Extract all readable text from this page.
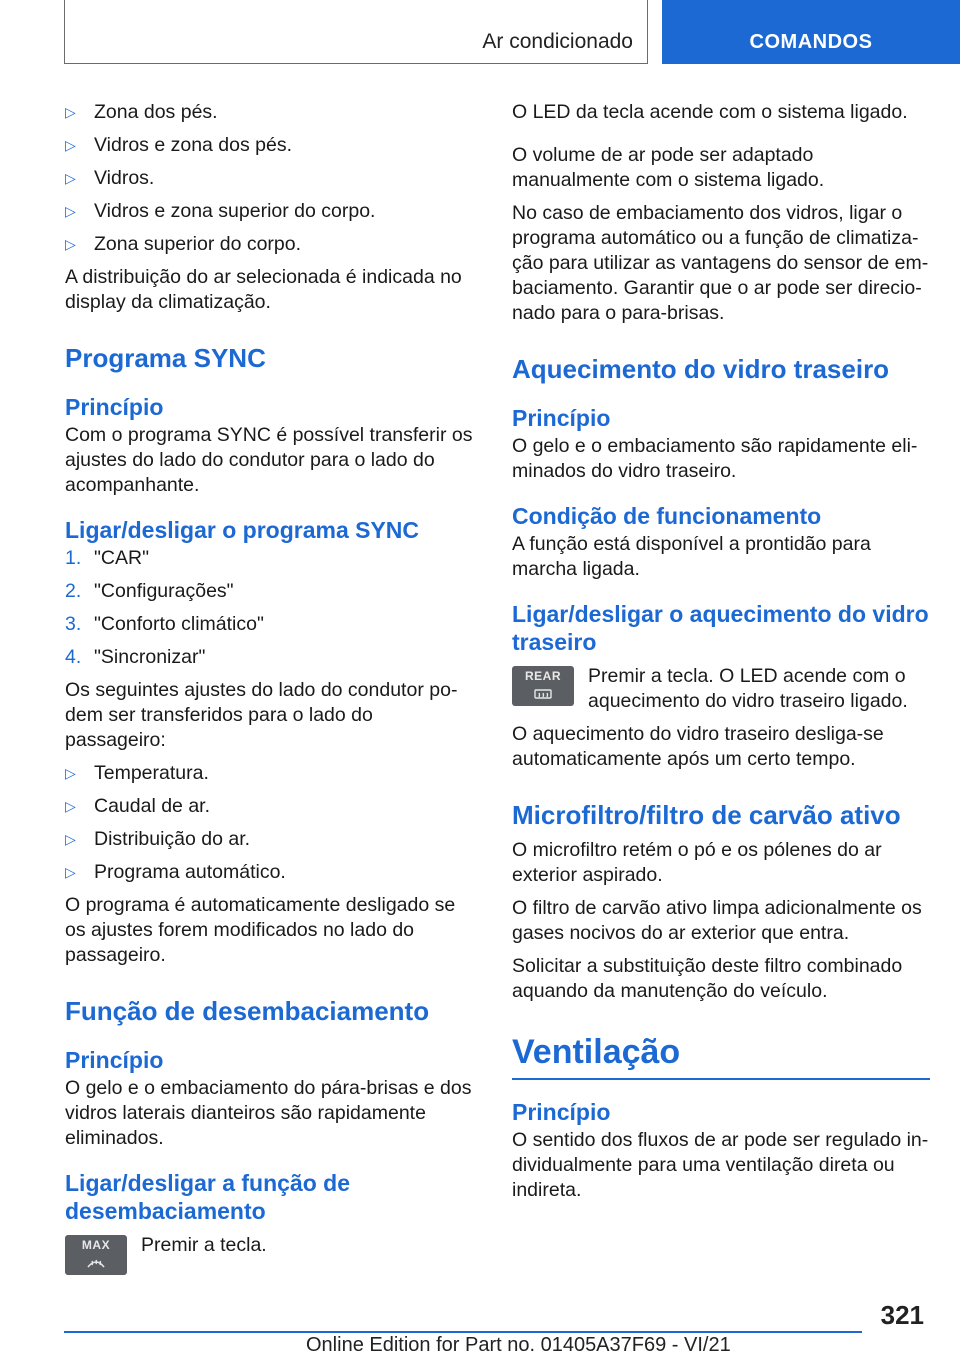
Ar condicionado	COMANDOS
▷ Zona dos pés.
▷ Vidros e zona dos pés.
▷ Vidros.
▷ Vidros e zona superior do corpo.
▷ Zona superior do corpo.

A distribuição do ar selecionada é indicada no display da climatização.

Programa SYNC
Princípio

Com o programa SYNC é possível transferir os ajustes do lado do condutor para o lado do acompanhante.

Ligar/desligar o programa SYNC
1. "CAR"
2. "Configurações"
3. "Conforto climático"
4. "Sincronizar"

Os seguintes ajustes do lado do condutor podem ser transferidos para o lado do passageiro:

▷ Temperatura.
▷ Caudal de ar.
▷ Distribuição do ar.
▷ Programa automático.

O programa é automaticamente desligado se os ajustes forem modificados no lado do passageiro.

Função de desembaciamento
Princípio

O gelo e o embaciamento do pára-brisas e dos vidros laterais dianteiros são rapidamente eliminados.

Ligar/desligar a função de desembaciamento
MAX	Premir a tecla.

O LED da tecla acende com o sistema ligado.

O volume de ar pode ser adaptado manualmente com o sistema ligado.

No caso de embaciamento dos vidros, ligar o programa automático ou a função de climatização para utilizar as vantagens do sensor de embaciamento. Garantir que o ar pode ser direcionado para o para-brisas.

Aquecimento do vidro traseiro
Princípio

O gelo e o embaciamento são rapidamente eliminados do vidro traseiro.

Condição de funcionamento

A função está disponível a prontidão para marcha ligada.

Ligar/desligar o aquecimento do vidro traseiro
REAR	Premir a tecla. O LED acende com o aquecimento do vidro traseiro ligado.

O aquecimento do vidro traseiro desliga-se automaticamente após um certo tempo.

Microfiltro/filtro de carvão ativo

O microfiltro retém o pó e os pólenes do ar exterior aspirado.

O filtro de carvão ativo limpa adicionalmente os gases nocivos do ar exterior que entra.

Solicitar a substituição deste filtro combinado aquando da manutenção do veículo.

Ventilação
Princípio

O sentido dos fluxos de ar pode ser regulado individualmente para uma ventilação direta ou indireta.

321
Online Edition for Part no. 01405A37F69 - VI/21
